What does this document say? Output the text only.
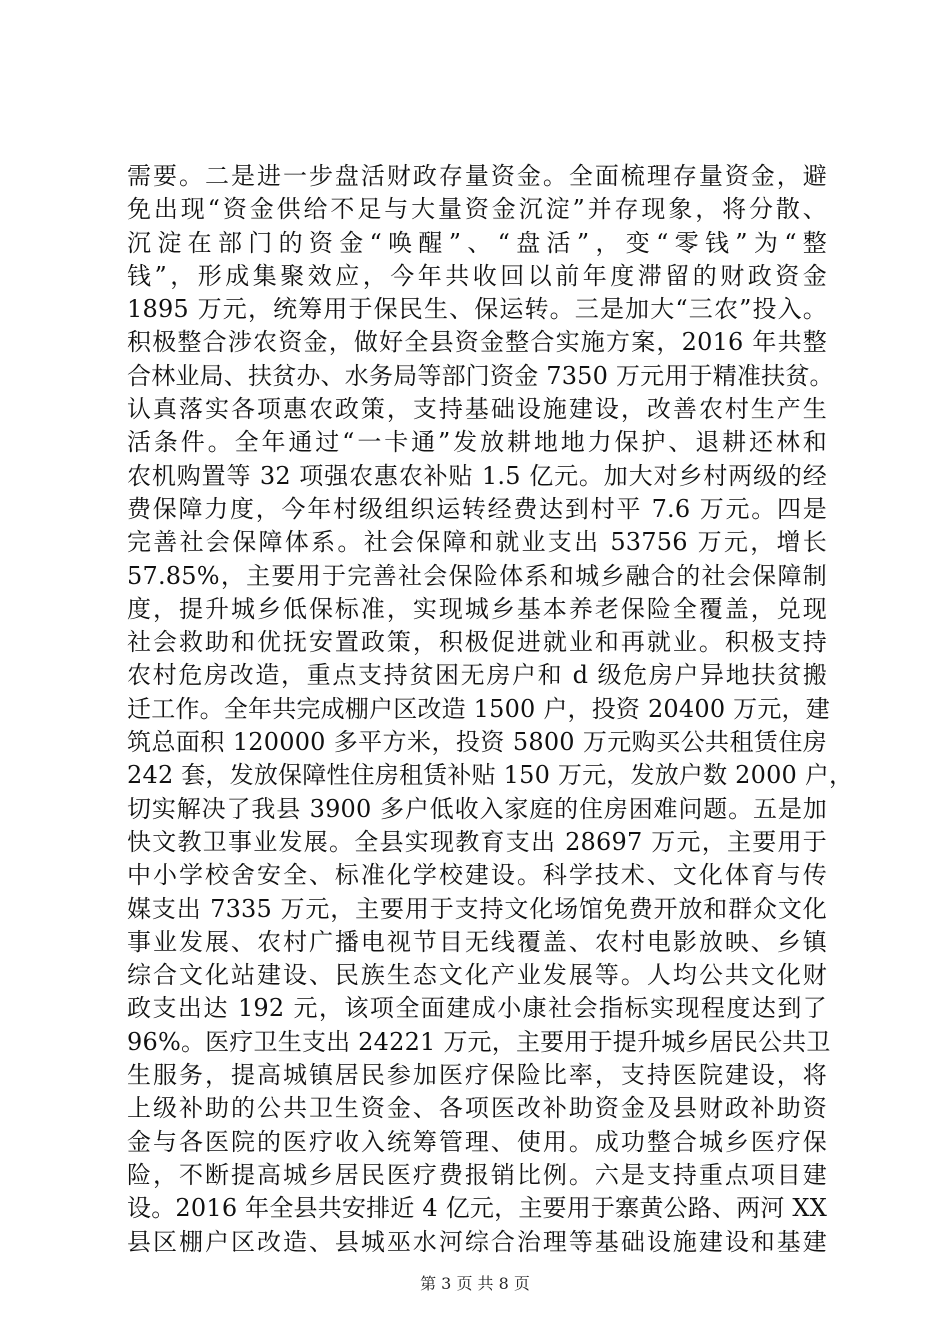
需要。二是进一步盘活财政存量资金。全面梳理存量资金，避
免出现“资金供给不足与大量资金沉淀”并存现象，将分散、
沉淀在部门的资金“唤醒”、“盘活”，变“零钱”为“整
钱”，形成集聚效应，今年共收回以前年度滞留的财政资金
1895 万元，统筹用于保民生、保运转。三是加大“三农”投入。
积极整合涉农资金，做好全县资金整合实施方案，2016 年共整
合林业局、扶贫办、水务局等部门资金 7350 万元用于精准扶贫。
认真落实各项惠农政策，支持基础设施建设，改善农村生产生
活条件。全年通过“一卡通”发放耕地地力保护、退耕还林和
农机购置等 32 项强农惠农补贴 1.5 亿元。加大对乡村两级的经
费保障力度，今年村级组织运转经费达到村平 7.6 万元。四是
完善社会保障体系。社会保障和就业支出 53756 万元，增长
57.85%，主要用于完善社会保险体系和城乡融合的社会保障制
度，提升城乡低保标准，实现城乡基本养老保险全覆盖，兑现
社会救助和优抚安置政策，积极促进就业和再就业。积极支持
农村危房改造，重点支持贫困无房户和 d 级危房户异地扶贫搬
迁工作。全年共完成棚户区改造 1500 户，投资 20400 万元，建
筑总面积 120000 多平方米，投资 5800 万元购买公共租赁住房
242 套，发放保障性住房租赁补贴 150 万元，发放户数 2000 户，
切实解决了我县 3900 多户低收入家庭的住房困难问题。五是加
快文教卫事业发展。全县实现教育支出 28697 万元，主要用于
中小学校舍安全、标准化学校建设。科学技术、文化体育与传
媒支出 7335 万元，主要用于支持文化场馆免费开放和群众文化
事业发展、农村广播电视节目无线覆盖、农村电影放映、乡镇
综合文化站建设、民族生态文化产业发展等。人均公共文化财
政支出达 192 元，该项全面建成小康社会指标实现程度达到了
96%。医疗卫生支出 24221 万元，主要用于提升城乡居民公共卫
生服务，提高城镇居民参加医疗保险比率，支持医院建设，将
上级补助的公共卫生资金、各项医改补助资金及县财政补助资
金与各医院的医疗收入统筹管理、使用。成功整合城乡医疗保
险，不断提高城乡居民医疗费报销比例。六是支持重点项目建
设。2016 年全县共安排近 4 亿元，主要用于寨黄公路、两河 XX
县区棚户区改造、县城巫水河综合治理等基础设施建设和基建
第 3 页 共 8 页
